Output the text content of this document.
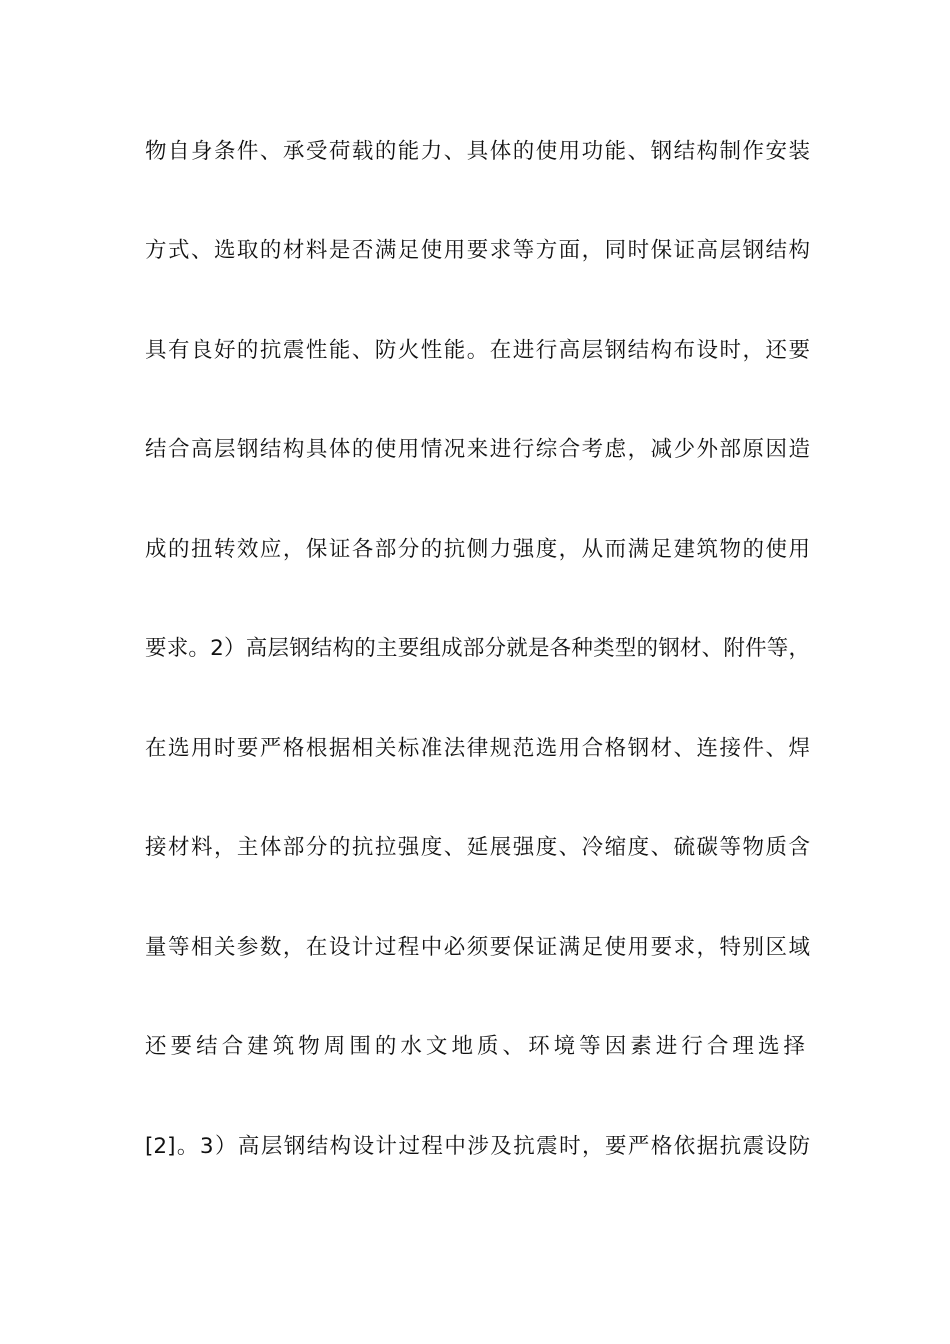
物自身条件、承受荷载的能力、具体的使用功能、钢结构制作安装
方式、选取的材料是否满足使用要求等方面，同时保证高层钢结构
具有良好的抗震性能、防火性能。在进行高层钢结构布设时，还要
结合高层钢结构具体的使用情况来进行综合考虑，减少外部原因造
成的扭转效应，保证各部分的抗侧力强度，从而满足建筑物的使用
要求。2）高层钢结构的主要组成部分就是各种类型的钢材、附件等，
在选用时要严格根据相关标准法律规范选用合格钢材、连接件、焊
接材料，主体部分的抗拉强度、延展强度、冷缩度、硫碳等物质含
量等相关参数，在设计过程中必须要保证满足使用要求，特别区域
还要结合建筑物周围的水文地质、环境等因素进行合理选择
[2]。3）高层钢结构设计过程中涉及抗震时，要严格依据抗震设防
